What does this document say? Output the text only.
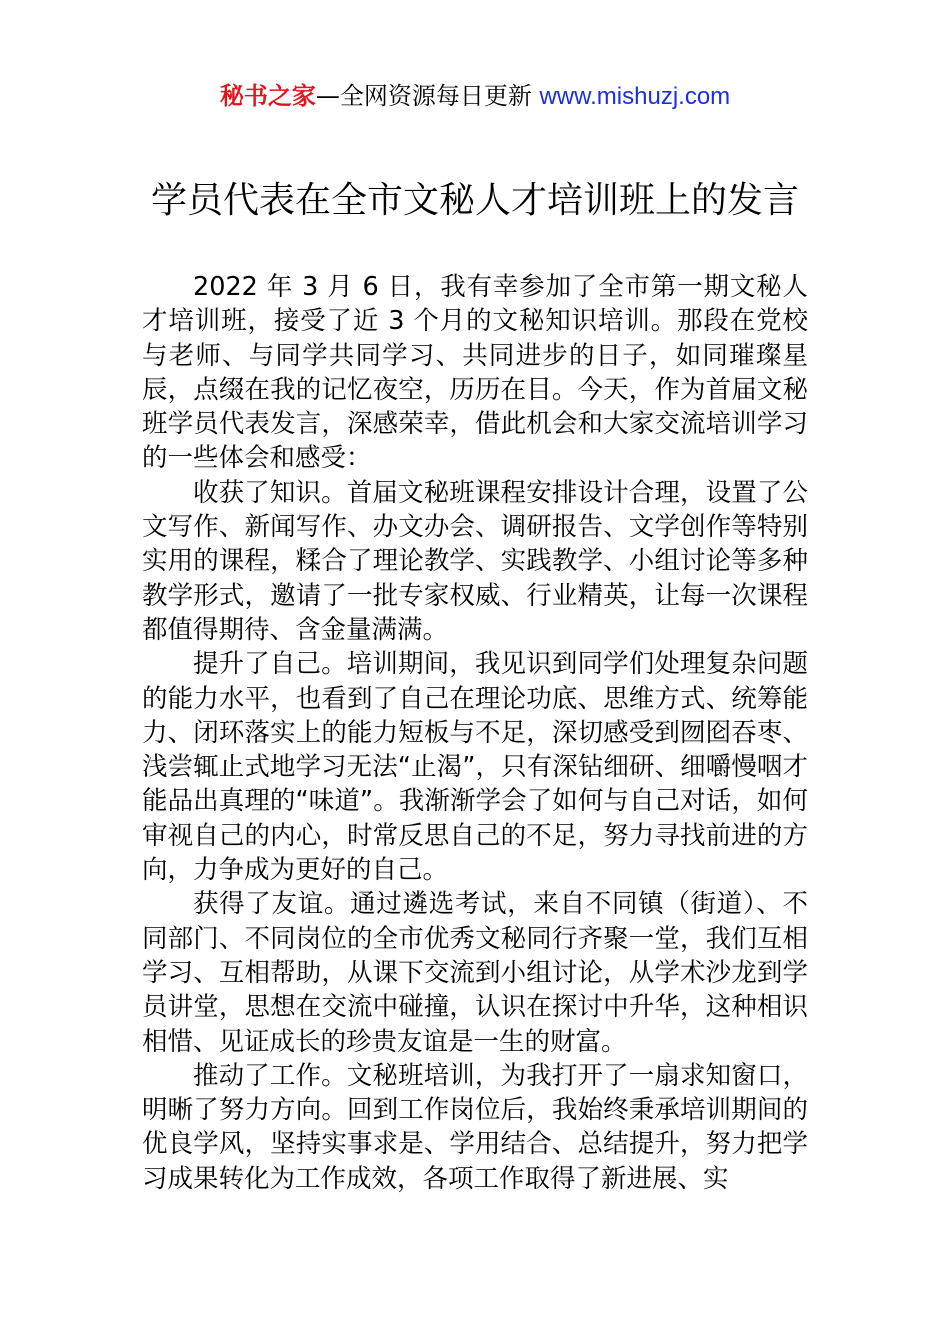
秘书之家—全网资源每日更新 www.mishuzj.com
学员代表在全市文秘人才培训班上的发言

2022 年 3 月 6 日，我有幸参加了全市第一期文秘人才培训班，接受了近 3 个月的文秘知识培训。那段在党校与老师、与同学共同学习、共同进步的日子，如同璀璨星辰，点缀在我的记忆夜空，历历在目。今天，作为首届文秘班学员代表发言，深感荣幸，借此机会和大家交流培训学习的一些体会和感受：

收获了知识。首届文秘班课程安排设计合理，设置了公文写作、新闻写作、办文办会、调研报告、文学创作等特别实用的课程，糅合了理论教学、实践教学、小组讨论等多种教学形式，邀请了一批专家权威、行业精英，让每一次课程都值得期待、含金量满满。

提升了自己。培训期间，我见识到同学们处理复杂问题的能力水平，也看到了自己在理论功底、思维方式、统筹能力、闭环落实上的能力短板与不足，深切感受到囫囵吞枣、浅尝辄止式地学习无法“止渴”，只有深钻细研、细嚼慢咽才能品出真理的“味道”。我渐渐学会了如何与自己对话，如何审视自己的内心，时常反思自己的不足，努力寻找前进的方向，力争成为更好的自己。

获得了友谊。通过遴选考试，来自不同镇（街道）、不同部门、不同岗位的全市优秀文秘同行齐聚一堂，我们互相学习、互相帮助，从课下交流到小组讨论，从学术沙龙到学员讲堂，思想在交流中碰撞，认识在探讨中升华，这种相识相惜、见证成长的珍贵友谊是一生的财富。

推动了工作。文秘班培训，为我打开了一扇求知窗口，明晰了努力方向。回到工作岗位后，我始终秉承培训期间的优良学风，坚持实事求是、学用结合、总结提升，努力把学习成果转化为工作成效，各项工作取得了新进展、实
